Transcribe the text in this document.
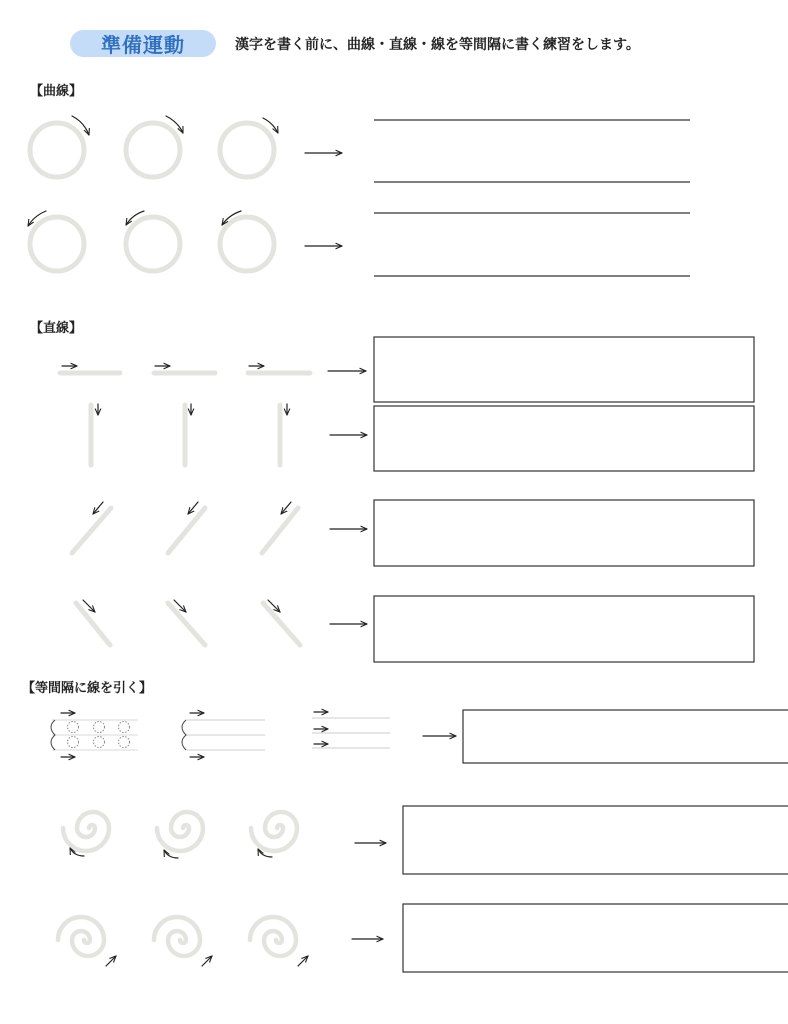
準備運動	漢字を書く前に、曲線・直線・線を等間隔に書く練習をします。
【曲線】
【直線】
【等間隔に線を引く】
